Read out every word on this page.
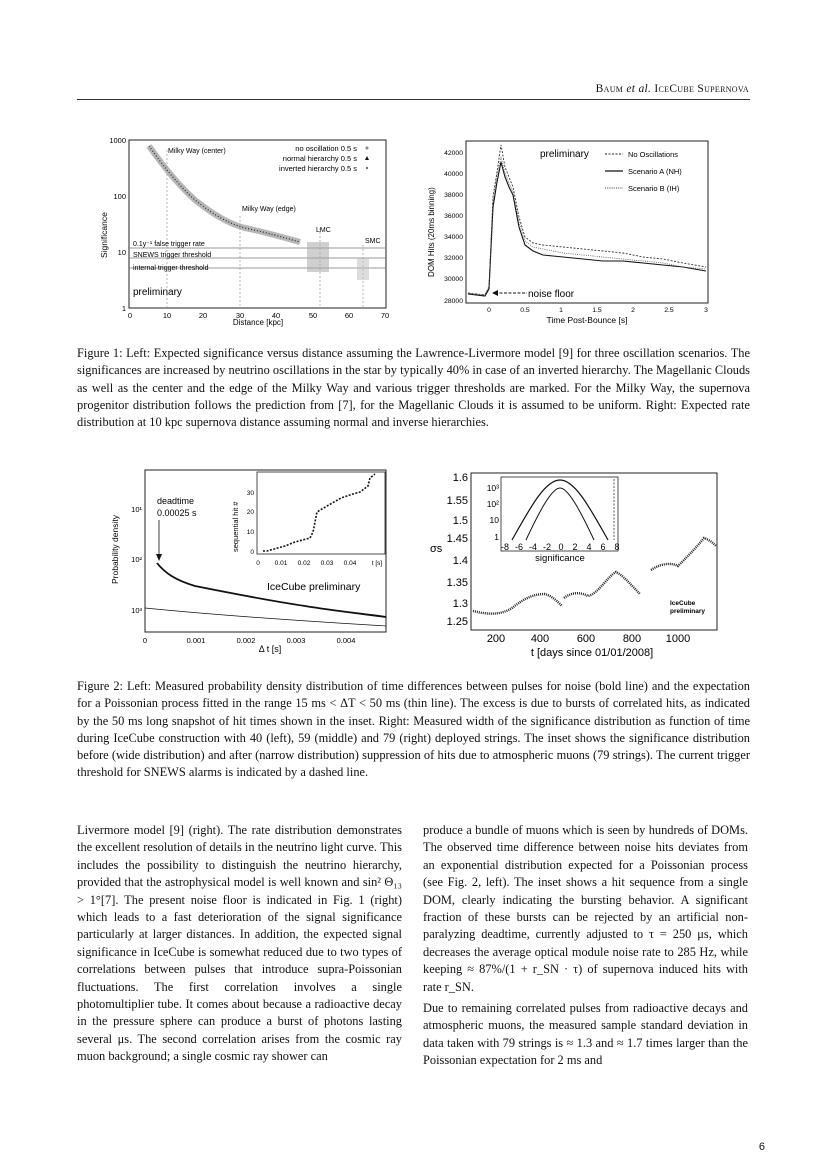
Baum et al. IceCube Supernova
Significance
1000
100
10
1
0	10	20	30	40	50	60	70
Distance [kpc]
Milky Way (center)
Milky Way (edge)
LMC
SMC
0.1y⁻¹ false trigger rate
SNEWS trigger threshold
internal trigger threshold
preliminary
no oscillation 0.5 s
normal hierarchy 0.5 s
inverted hierarchy 0.5 s
DOM Hits (20ms binning)
42000
40000
38000
36000
34000
32000
30000
28000
0	0.5	1	1.5	2	2.5	3
Time Post-Bounce [s]
preliminary	No Oscillations
Scenario A (NH)
Scenario B (IH)
noise floor
Figure 1: Left: Expected significance versus distance assuming the Lawrence-Livermore model [9] for three oscillation scenarios. The significances are increased by neutrino oscillations in the star by typically 40% in case of an inverted hierarchy. The Magellanic Clouds as well as the center and the edge of the Milky Way and various trigger thresholds are marked. For the Milky Way, the supernova progenitor distribution follows the prediction from [7], for the Magellanic Clouds it is assumed to be uniform. Right: Expected rate distribution at 10 kpc supernova distance assuming normal and inverse hierarchies.
Probability density
10¹
10²
10³
0	0.001	0.002	0.003	0.004
Δ t [s]
deadtime
0.00025 s
IceCube preliminary
sequential hit #
30
20
10
0
0 0.01 0.02 0.03 0.04 t [s]
σs
1.6
1.55
1.5
1.45
1.4
1.35
1.3
1.25
200 400	600	800 1000
t [days since 01/01/2008]
IceCube
preliminary
10³
10²
10
1
-8 -6 -4 -2 0 2 4 6 8
significance
Figure 2: Left: Measured probability density distribution of time differences between pulses for noise (bold line) and the expectation for a Poissonian process fitted in the range 15 ms < ΔT < 50 ms (thin line). The excess is due to bursts of correlated hits, as indicated by the 50 ms long snapshot of hit times shown in the inset. Right: Measured width of the significance distribution as function of time during IceCube construction with 40 (left), 59 (middle) and 79 (right) deployed strings. The inset shows the significance distribution before (wide distribution) and after (narrow distribution) suppression of hits due to atmospheric muons (79 strings). The current trigger threshold for SNEWS alarms is indicated by a dashed line.

Livermore model [9] (right). The rate distribution demonstrates the excellent resolution of details in the neutrino light curve. This includes the possibility to distinguish the neutrino hierarchy, provided that the astrophysical model is well known and sin² Θ₁₃ > 1°[7]. The present noise floor is indicated in Fig. 1 (right) which leads to a fast deterioration of the signal significance particularly at larger distances. In addition, the expected signal significance in IceCube is somewhat reduced due to two types of correlations between pulses that introduce supra-Poissonian fluctuations. The first correlation involves a single photomultiplier tube. It comes about because a radioactive decay in the pressure sphere can produce a burst of photons lasting several μs. The second correlation arises from the cosmic ray muon background; a single cosmic ray shower can

produce a bundle of muons which is seen by hundreds of DOMs. The observed time difference between noise hits deviates from an exponential distribution expected for a Poissonian process (see Fig. 2, left). The inset shows a hit sequence from a single DOM, clearly indicating the bursting behavior. A significant fraction of these bursts can be rejected by an artificial non-paralyzing deadtime, currently adjusted to τ = 250 μs, which decreases the average optical module noise rate to 285 Hz, while keeping ≈ 87%/(1 + r_SN · τ) of supernova induced hits with rate r_SN.

Due to remaining correlated pulses from radioactive decays and atmospheric muons, the measured sample standard deviation in data taken with 79 strings is ≈ 1.3 and ≈ 1.7 times larger than the Poissonian expectation for 2 ms and

6
